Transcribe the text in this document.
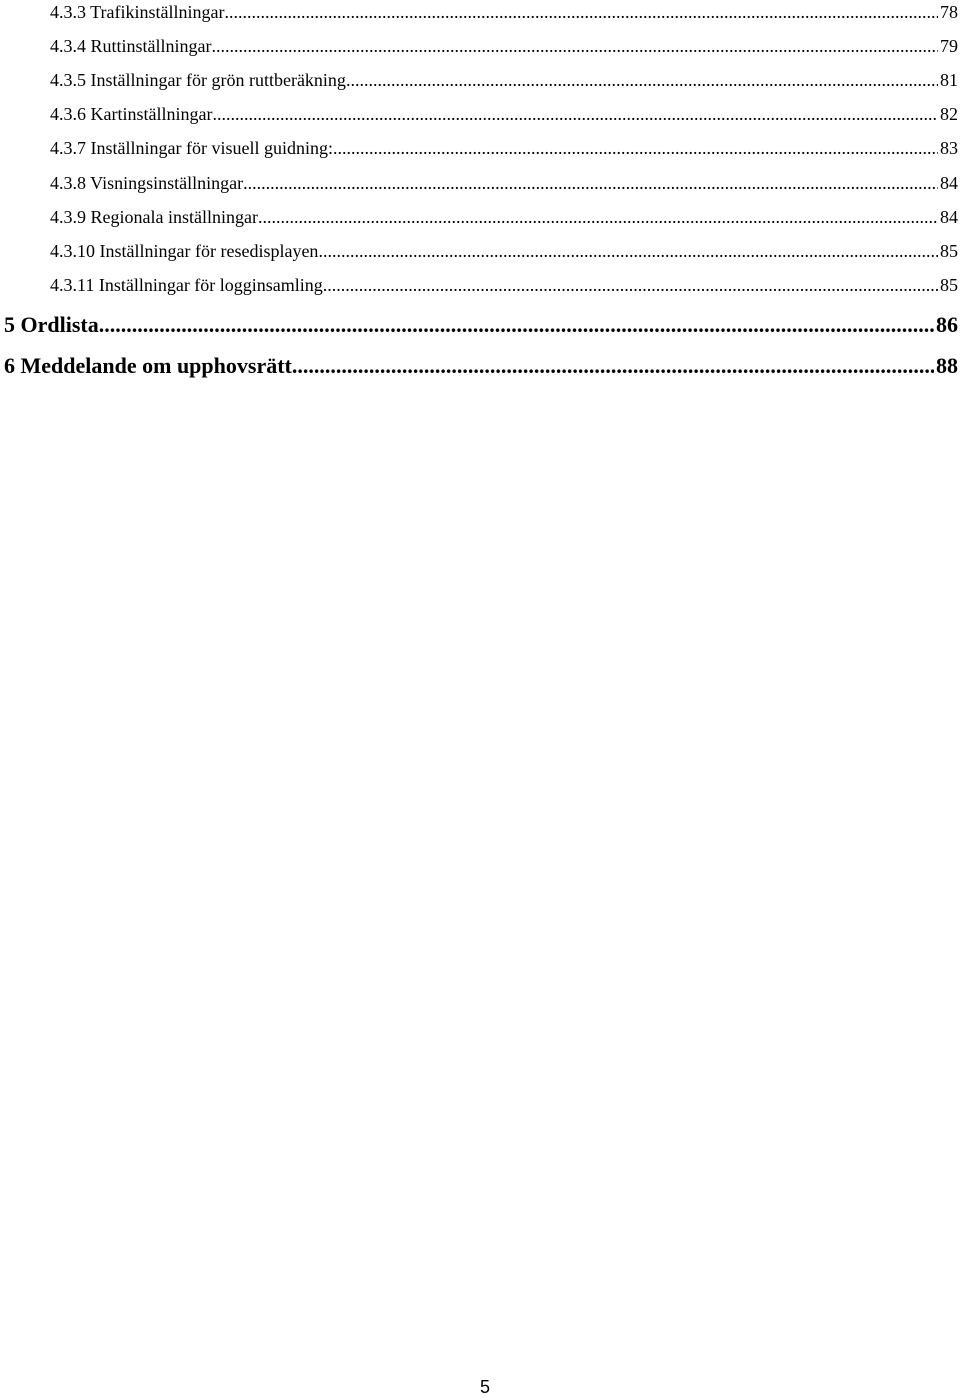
4.3.3 Trafikinställningar .....	78
4.3.4 Ruttinställningar .....	79
4.3.5 Inställningar för grön ruttberäkning .....	81
4.3.6 Kartinställningar .....	82
4.3.7 Inställningar för visuell guidning: .....	83
4.3.8 Visningsinställningar .....	84
4.3.9 Regionala inställningar .....	84
4.3.10 Inställningar för resedisplayen .....	85
4.3.11 Inställningar för logginsamling .....	85
5 Ordlista .....	86
6 Meddelande om upphovsrätt .....	88
5
